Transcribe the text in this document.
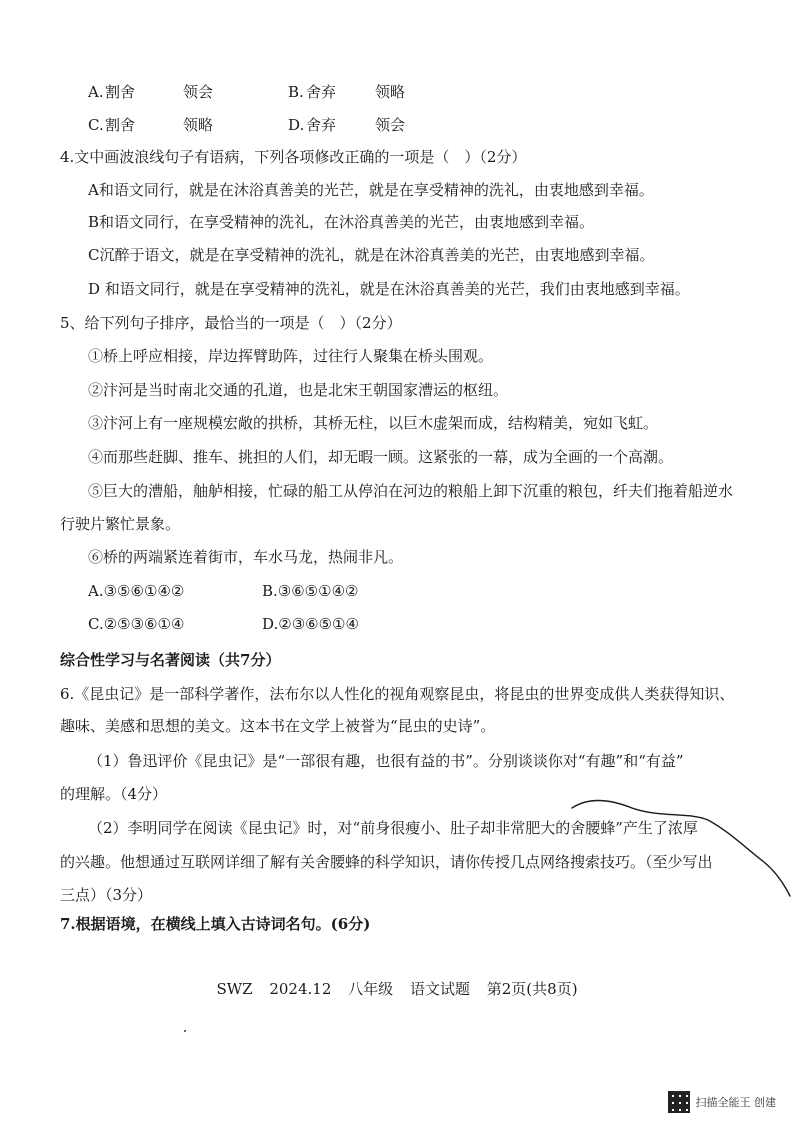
A. 割舍	领会	B. 舍弃	领略
C. 割舍	领略	D. 舍弃	领会
4.文中画波浪线句子有语病，下列各项修改正确的一项是（　）（2分）
A和语文同行，就是在沐浴真善美的光芒，就是在享受精神的洗礼，由衷地感到幸福。
B和语文同行，在享受精神的洗礼，在沐浴真善美的光芒，由衷地感到幸福。
C沉醉于语文，就是在享受精神的洗礼，就是在沐浴真善美的光芒，由衷地感到幸福。
D 和语文同行，就是在享受精神的洗礼，就是在沐浴真善美的光芒，我们由衷地感到幸福。
5、给下列句子排序，最恰当的一项是（　）（2分）
①桥上呼应相接，岸边挥臂助阵，过往行人聚集在桥头围观。
②汴河是当时南北交通的孔道，也是北宋王朝国家漕运的枢纽。
③汴河上有一座规模宏敞的拱桥，其桥无柱，以巨木虚架而成，结构精美，宛如飞虹。
④而那些赶脚、推车、挑担的人们，却无暇一顾。这紧张的一幕，成为全画的一个高潮。
⑤巨大的漕船，舳舻相接，忙碌的船工从停泊在河边的粮船上卸下沉重的粮包，纤夫们拖着船逆水
行驶片繁忙景象。
⑥桥的两端紧连着街市，车水马龙，热闹非凡。
A.③⑤⑥①④②	B.③⑥⑤①④②
C.②⑤③⑥①④	D.②③⑥⑤①④
综合性学习与名著阅读（共7分）
6.《昆虫记》是一部科学著作，法布尔以人性化的视角观察昆虫，将昆虫的世界变成供人类获得知识、
趣味、美感和思想的美文。这本书在文学上被誉为“昆虫的史诗”。
（1）鲁迅评价《昆虫记》是“一部很有趣，也很有益的书”。分别谈谈你对“有趣”和“有益”
的理解。（4分）
（2）李明同学在阅读《昆虫记》时，对“前身很瘦小、肚子却非常肥大的舍腰蜂”产生了浓厚
的兴趣。他想通过互联网详细了解有关舍腰蜂的科学知识，请你传授几点网络搜索技巧。（至少写出
三点）（3分）
7.根据语境，在横线上填入古诗词名句。(6分)
SWZ 2024.12 八年级 语文试题 第2页(共8页)
扫描全能王 创建
